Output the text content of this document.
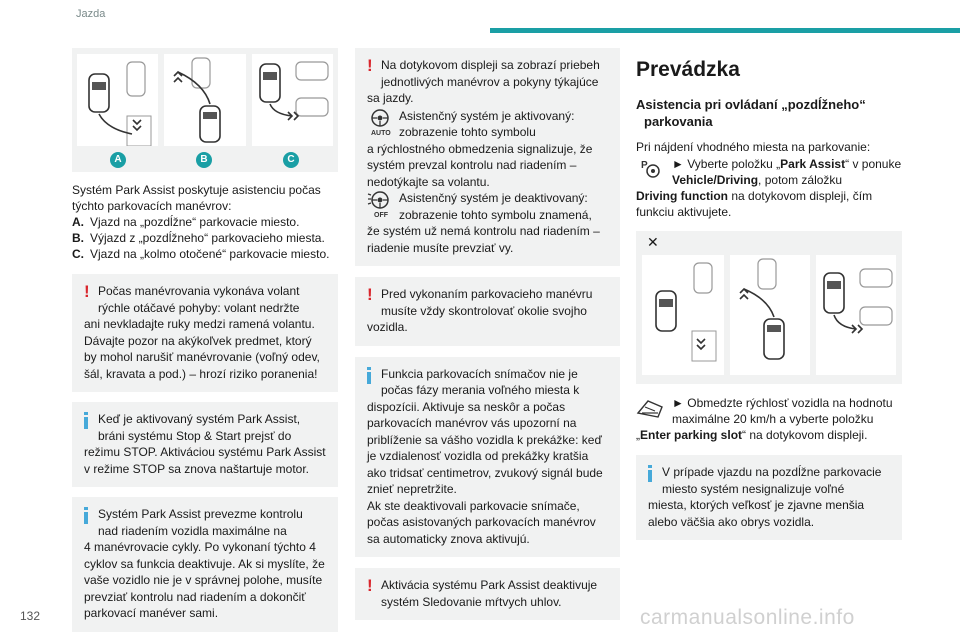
Jazda
A	B	C
Systém Park Assist poskytuje asistenciu počas týchto parkovacích manévrov:
A. Vjazd na „pozdĺžne“ parkovacie miesto.
B. Výjazd z „pozdĺžneho“ parkovacieho miesta.
C. Vjazd na „kolmo otočené“ parkovacie miesto.
! Počas manévrovania vykonáva volant rýchle otáčavé pohyby: volant nedržte
ani nevkladajte ruky medzi ramená volantu. Dávajte pozor na akýkoľvek predmet, ktorý by mohol narušiť manévrovanie (voľný odev, šál, kravata a pod.) – hrozí riziko poranenia!
Keď je aktivovaný systém Park Assist, bráni systému Stop & Start prejsť do
režimu STOP. Aktiváciou systému Park Assist v režime STOP sa znova naštartuje motor.
Systém Park Assist prevezme kontrolu nad riadením vozidla maximálne na
4 manévrovacie cykly. Po vykonaní týchto 4 cyklov sa funkcia deaktivuje. Ak si myslíte, že vaše vozidlo nie je v správnej polohe, musíte prevziať kontrolu nad riadením a dokončiť parkovací manéver sami.
! Na dotykovom displeji sa zobrazí priebeh jednotlivých manévrov a pokyny týkajúce
sa jazdy.
AUTO
Asistenčný systém je aktivovaný: zobrazenie tohto symbolu
a rýchlostného obmedzenia signalizuje, že systém prevzal kontrolu nad riadením – nedotýkajte sa volantu.
OFF
Asistenčný systém je deaktivovaný: zobrazenie tohto symbolu znamená,
že systém už nemá kontrolu nad riadením – riadenie musíte prevziať vy.
! Pred vykonaním parkovacieho manévru musíte vždy skontrolovať okolie svojho
vozidla.
Funkcia parkovacích snímačov nie je počas fázy merania voľného miesta k
dispozícii. Aktivuje sa neskôr a počas parkovacích manévrov vás upozorní na priblíženie sa vášho vozidla k prekážke: keď je vzdialenosť vozidla od prekážky kratšia ako tridsať centimetrov, zvukový signál bude znieť nepretržite.
Ak ste deaktivovali parkovacie snímače, počas asistovaných parkovacích manévrov sa automaticky znova aktivujú.
! Aktivácia systému Park Assist deaktivuje systém Sledovanie mŕtvych uhlov.
Prevádzka
Asistencia pri ovládaní „pozdĺžneho“
parkovania
Pri nájdení vhodného miesta na parkovanie:
P	► Vyberte položku „Park Assist“ v ponuke Vehicle/Driving, potom záložku
Driving function na dotykovom displeji, čím funkciu aktivujete.
✕
► Obmedzte rýchlosť vozidla na hodnotu maximálne 20 km/h a vyberte položku
„Enter parking slot“ na dotykovom displeji.
V prípade vjazdu na pozdĺžne parkovacie miesto systém nesignalizuje voľné
miesta, ktorých veľkosť je zjavne menšia alebo väčšia ako obrys vozidla.
132	carmanualsonline.info
